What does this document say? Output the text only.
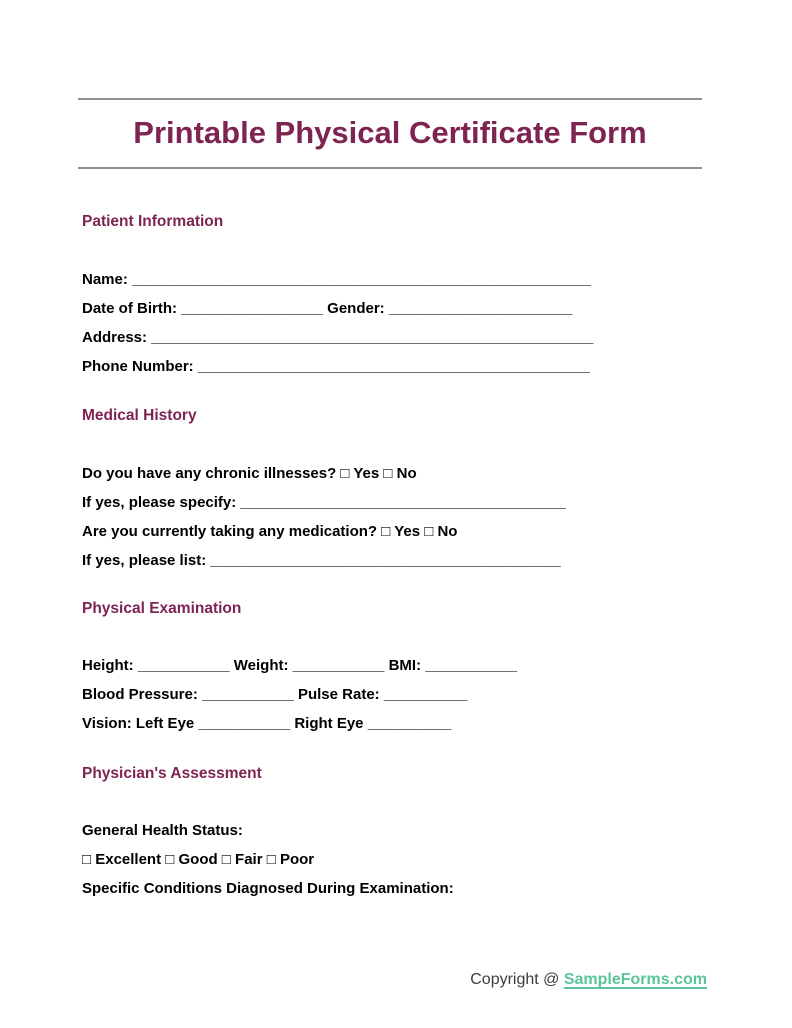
Printable Physical Certificate Form
Patient Information

Name: _______________________________________________________

Date of Birth: _________________ Gender: ______________________

Address: _____________________________________________________

Phone Number: _______________________________________________

Medical History

Do you have any chronic illnesses? □ Yes □ No

If yes, please specify: _______________________________________

Are you currently taking any medication? □ Yes □ No

If yes, please list: __________________________________________

Physical Examination

Height: ___________ Weight: ___________ BMI: ___________

Blood Pressure: ___________ Pulse Rate: __________

Vision: Left Eye ___________ Right Eye __________

Physician's Assessment

General Health Status:

□ Excellent □ Good □ Fair □ Poor

Specific Conditions Diagnosed During Examination:

Copyright @ SampleForms.com
